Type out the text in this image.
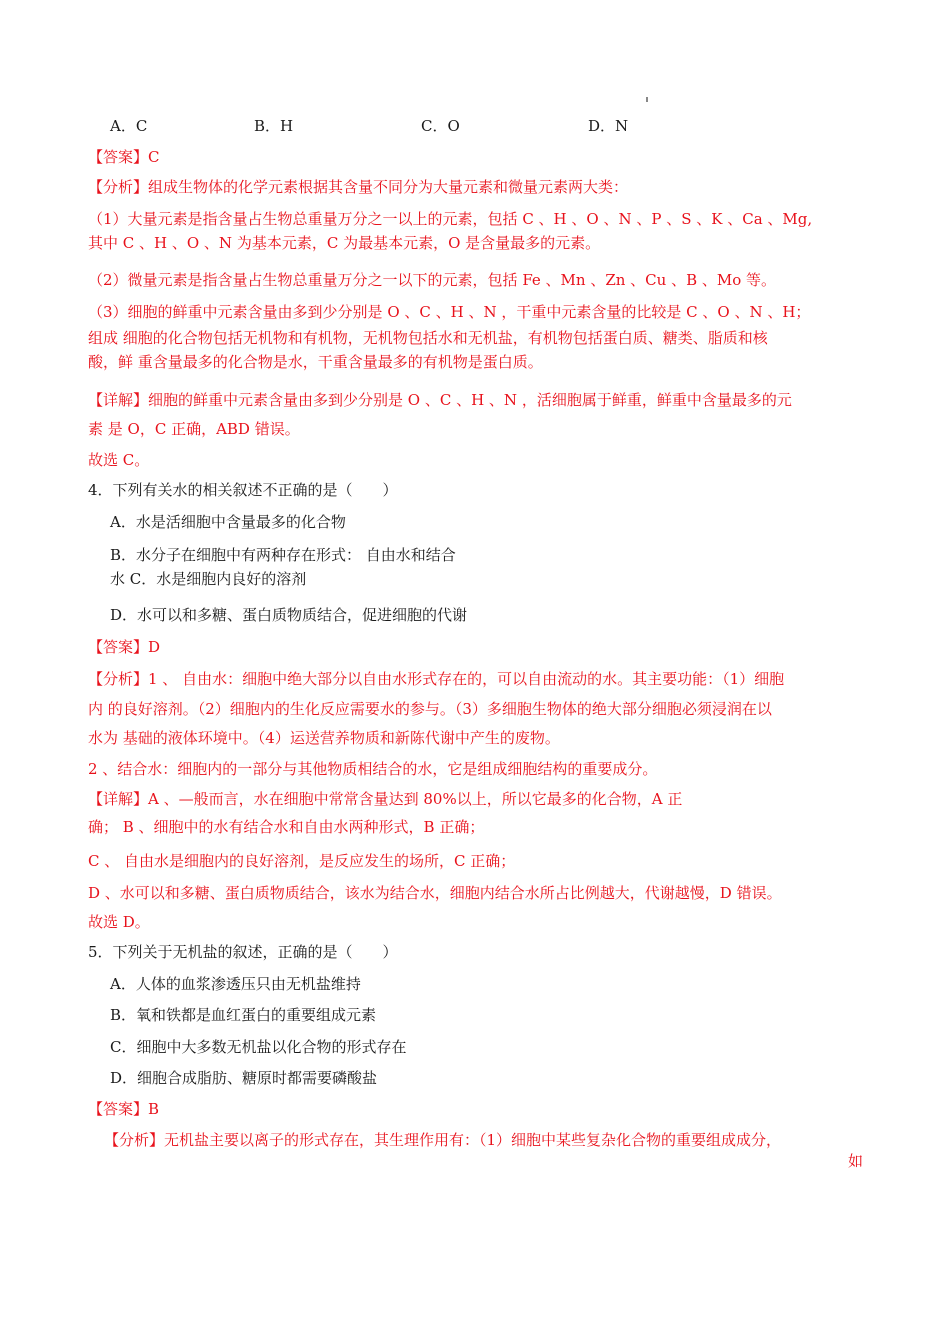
A．C	B．H	C．O	D．N
【答案】C
【分析】组成生物体的化学元素根据其含量不同分为大量元素和微量元素两大类：
（1）大量元素是指含量占生物总重量万分之一以上的元素，包括 C 、H 、O 、N 、P 、S 、K 、Ca 、Mg,
其中 C 、H 、O 、N 为基本元素，C 为最基本元素，O 是含量最多的元素。
（2）微量元素是指含量占生物总重量万分之一以下的元素，包括 Fe 、Mn 、Zn 、Cu 、B 、Mo 等。
（3）细胞的鲜重中元素含量由多到少分别是 O 、C 、H 、N ，干重中元素含量的比较是 C 、O 、N 、H；
组成 细胞的化合物包括无机物和有机物，无机物包括水和无机盐，有机物包括蛋白质、糖类、脂质和核
酸，鲜 重含量最多的化合物是水，干重含量最多的有机物是蛋白质。
【详解】细胞的鲜重中元素含量由多到少分别是 O 、C 、H 、N ，活细胞属于鲜重，鲜重中含量最多的元
素 是 O，C 正确，ABD 错误。
故选 C。
4．下列有关水的相关叙述不正确的是（　　）
A．水是活细胞中含量最多的化合物
B．水分子在细胞中有两种存在形式： 自由水和结合
水 C．水是细胞内良好的溶剂
D．水可以和多糖、蛋白质物质结合，促进细胞的代谢
【答案】D
【分析】1 、 自由水：细胞中绝大部分以自由水形式存在的，可以自由流动的水。其主要功能：（1）细胞
内 的良好溶剂。（2）细胞内的生化反应需要水的参与。（3）多细胞生物体的绝大部分细胞必须浸润在以
水为 基础的液体环境中。（4）运送营养物质和新陈代谢中产生的废物。
2 、结合水：细胞内的一部分与其他物质相结合的水，它是组成细胞结构的重要成分。
【详解】A 、—般而言，水在细胞中常常含量达到 80%以上，所以它最多的化合物，A 正
确； B 、细胞中的水有结合水和自由水两种形式，B 正确；
C 、 自由水是细胞内的良好溶剂，是反应发生的场所，C 正确；
D 、水可以和多糖、蛋白质物质结合，该水为结合水，细胞内结合水所占比例越大，代谢越慢，D 错误。
故选 D。
5．下列关于无机盐的叙述，正确的是（　　）
A．人体的血浆渗透压只由无机盐维持
B．氧和铁都是血红蛋白的重要组成元素
C．细胞中大多数无机盐以化合物的形式存在
D．细胞合成脂肪、糖原时都需要磷酸盐
【答案】B
【分析】无机盐主要以离子的形式存在，其生理作用有：（1）细胞中某些复杂化合物的重要组成成分，
如
